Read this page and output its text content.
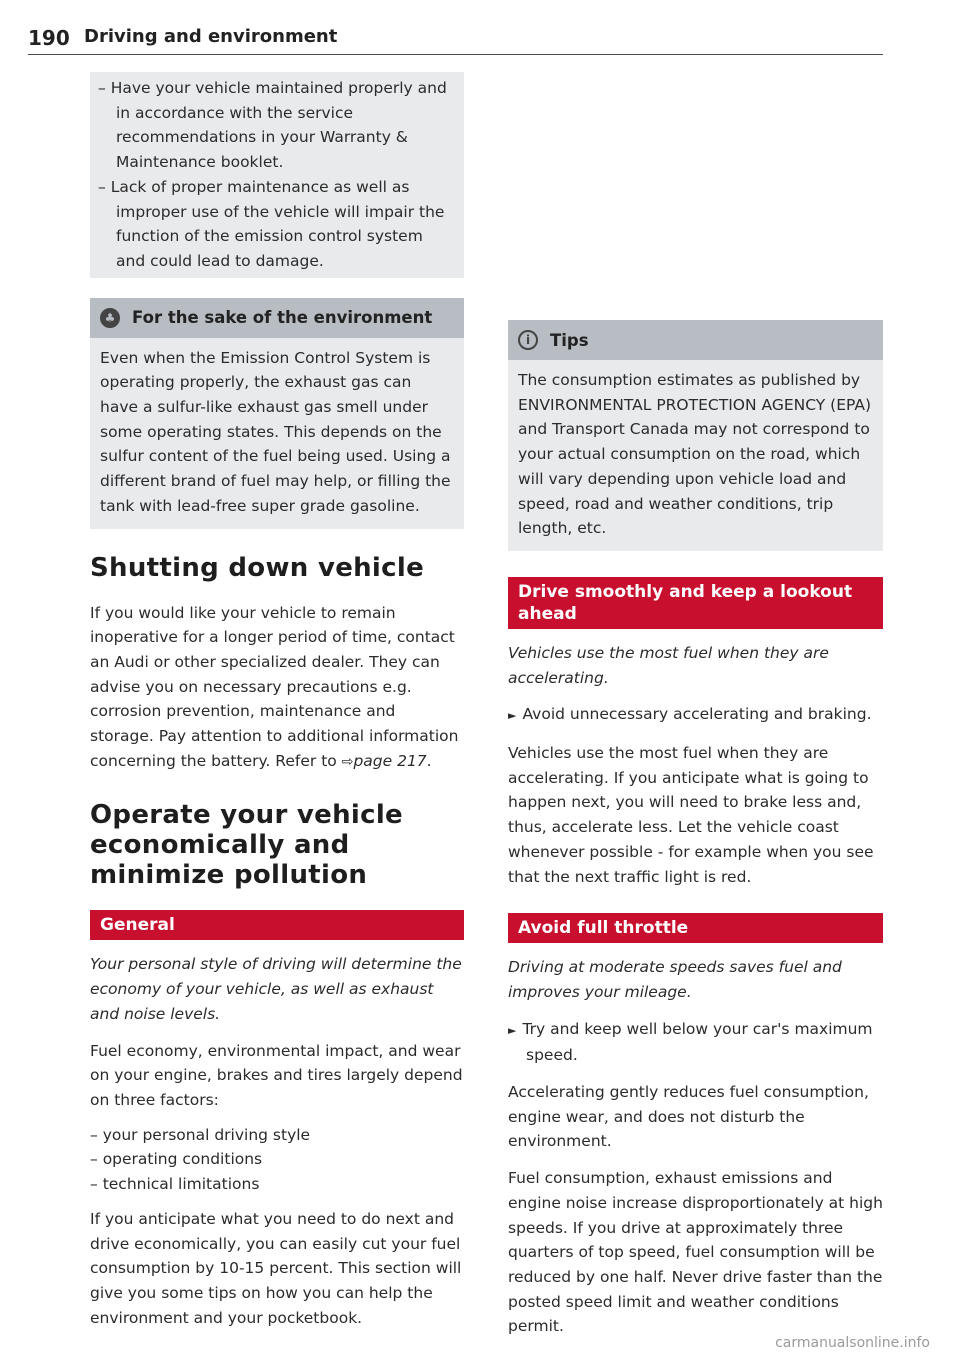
190 Driving and environment
– Have your vehicle maintained properly and in accordance with the service recommendations in your Warranty & Maintenance booklet.
– Lack of proper maintenance as well as improper use of the vehicle will impair the function of the emission control system and could lead to damage.
♣ For the sake of the environment

Even when the Emission Control System is operating properly, the exhaust gas can have a sulfur-like exhaust gas smell under some operating states. This depends on the sulfur content of the fuel being used. Using a different brand of fuel may help, or filling the tank with lead-free super grade gasoline.

Shutting down vehicle

If you would like your vehicle to remain inoperative for a longer period of time, contact an Audi or other specialized dealer. They can advise you on necessary precautions e.g. corrosion prevention, maintenance and storage. Pay attention to additional information concerning the battery. Refer to ⇨page 217.

Operate your vehicle economically and minimize pollution
General

Your personal style of driving will determine the economy of your vehicle, as well as exhaust and noise levels.

Fuel economy, environmental impact, and wear on your engine, brakes and tires largely depend on three factors:

– your personal driving style
– operating conditions
– technical limitations

If you anticipate what you need to do next and drive economically, you can easily cut your fuel consumption by 10-15 percent. This section will give you some tips on how you can help the environment and your pocketbook.

i	Tips

The consumption estimates as published by ENVIRONMENTAL PROTECTION AGENCY (EPA) and Transport Canada may not correspond to your actual consumption on the road, which will vary depending upon vehicle load and speed, road and weather conditions, trip length, etc.

Drive smoothly and keep a lookout ahead

Vehicles use the most fuel when they are accelerating.

► Avoid unnecessary accelerating and braking.

Vehicles use the most fuel when they are accelerating. If you anticipate what is going to happen next, you will need to brake less and, thus, accelerate less. Let the vehicle coast whenever possible - for example when you see that the next traffic light is red.

Avoid full throttle

Driving at moderate speeds saves fuel and improves your mileage.

► Try and keep well below your car's maximum speed.

Accelerating gently reduces fuel consumption, engine wear, and does not disturb the environment.

Fuel consumption, exhaust emissions and engine noise increase disproportionately at high speeds. If you drive at approximately three quarters of top speed, fuel consumption will be reduced by one half. Never drive faster than the posted speed limit and weather conditions permit.

carmanualsonline.info
